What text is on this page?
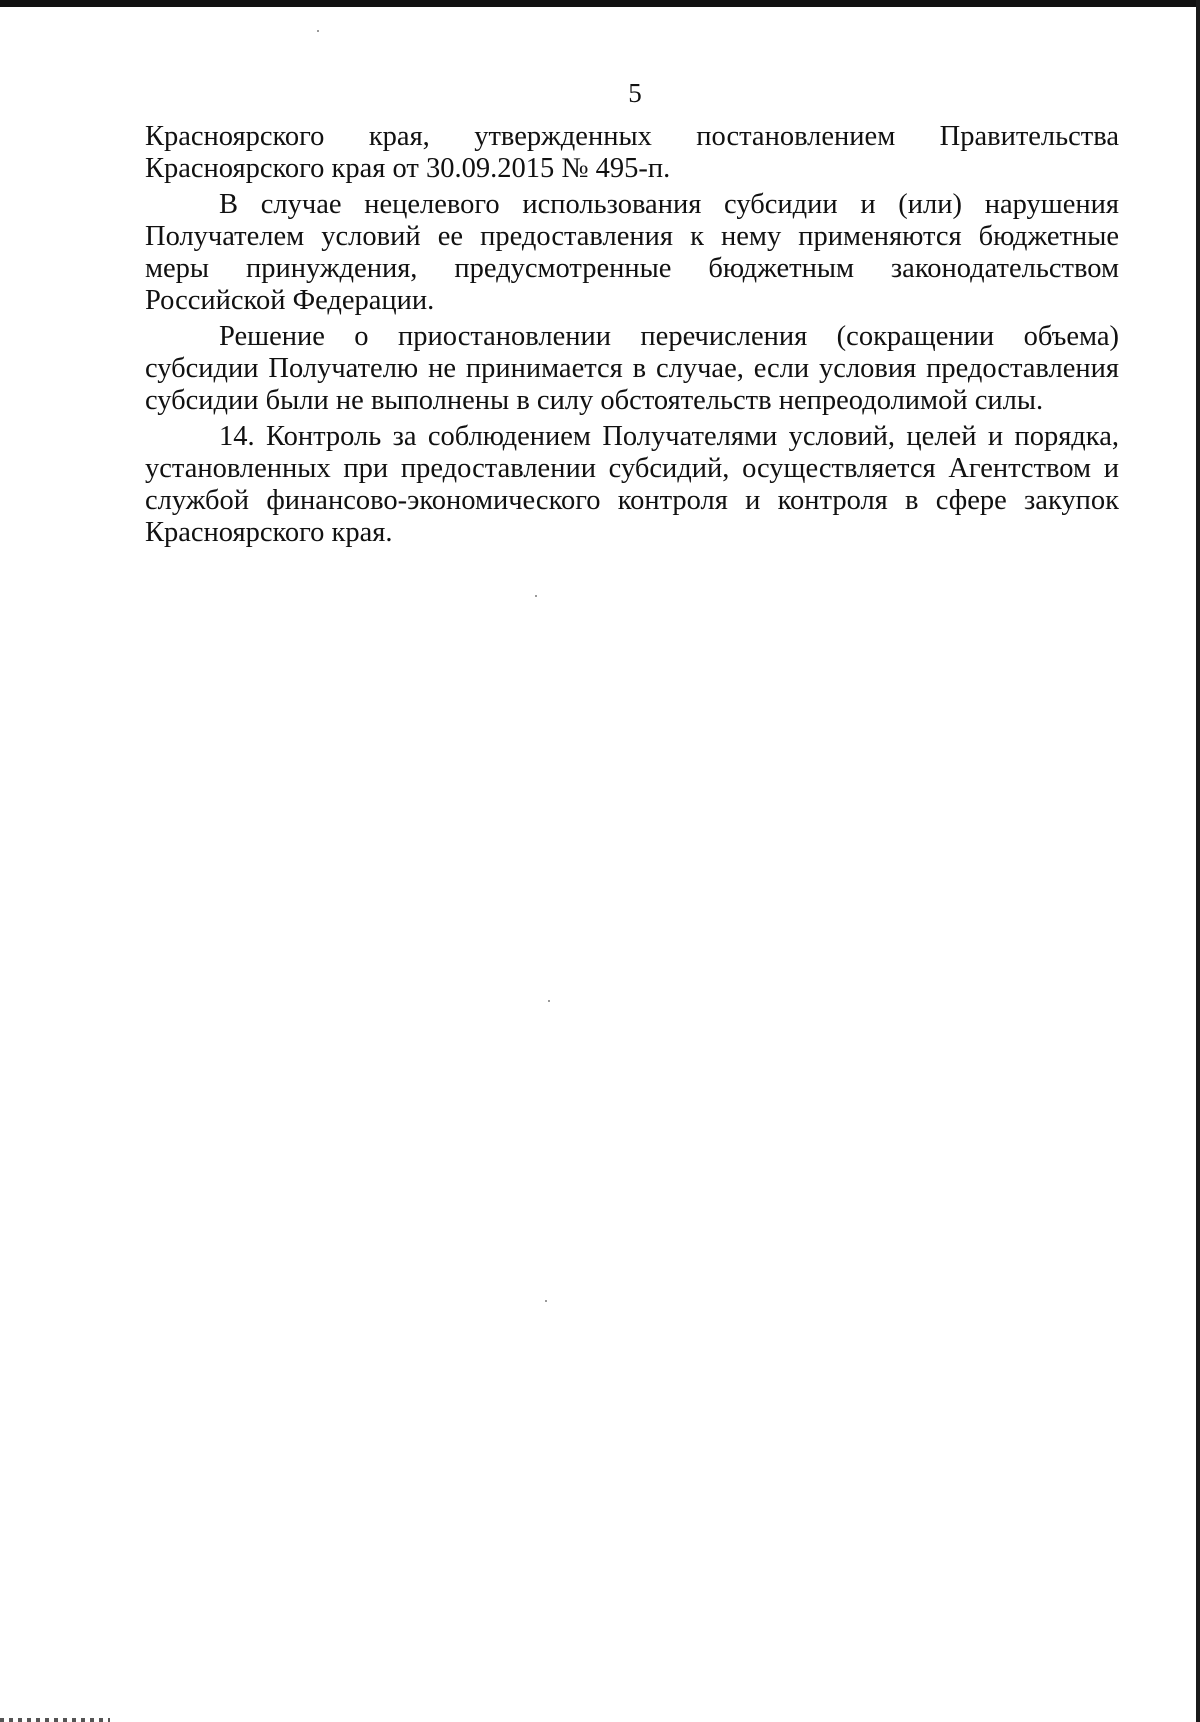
5

Красноярского края, утвержденных постановлением Правительства Красноярского края от 30.09.2015 № 495-п.

В случае нецелевого использования субсидии и (или) нарушения Получателем условий ее предоставления к нему применяются бюджетные меры принуждения, предусмотренные бюджетным законодательством Российской Федерации.

Решение о приостановлении перечисления (сокращении объема) субсидии Получателю не принимается в случае, если условия предоставления субсидии были не выполнены в силу обстоятельств непреодолимой силы.

14. Контроль за соблюдением Получателями условий, целей и порядка, установленных при предоставлении субсидий, осуществляется Агентством и службой финансово-экономического контроля и контроля в сфере закупок Красноярского края.
